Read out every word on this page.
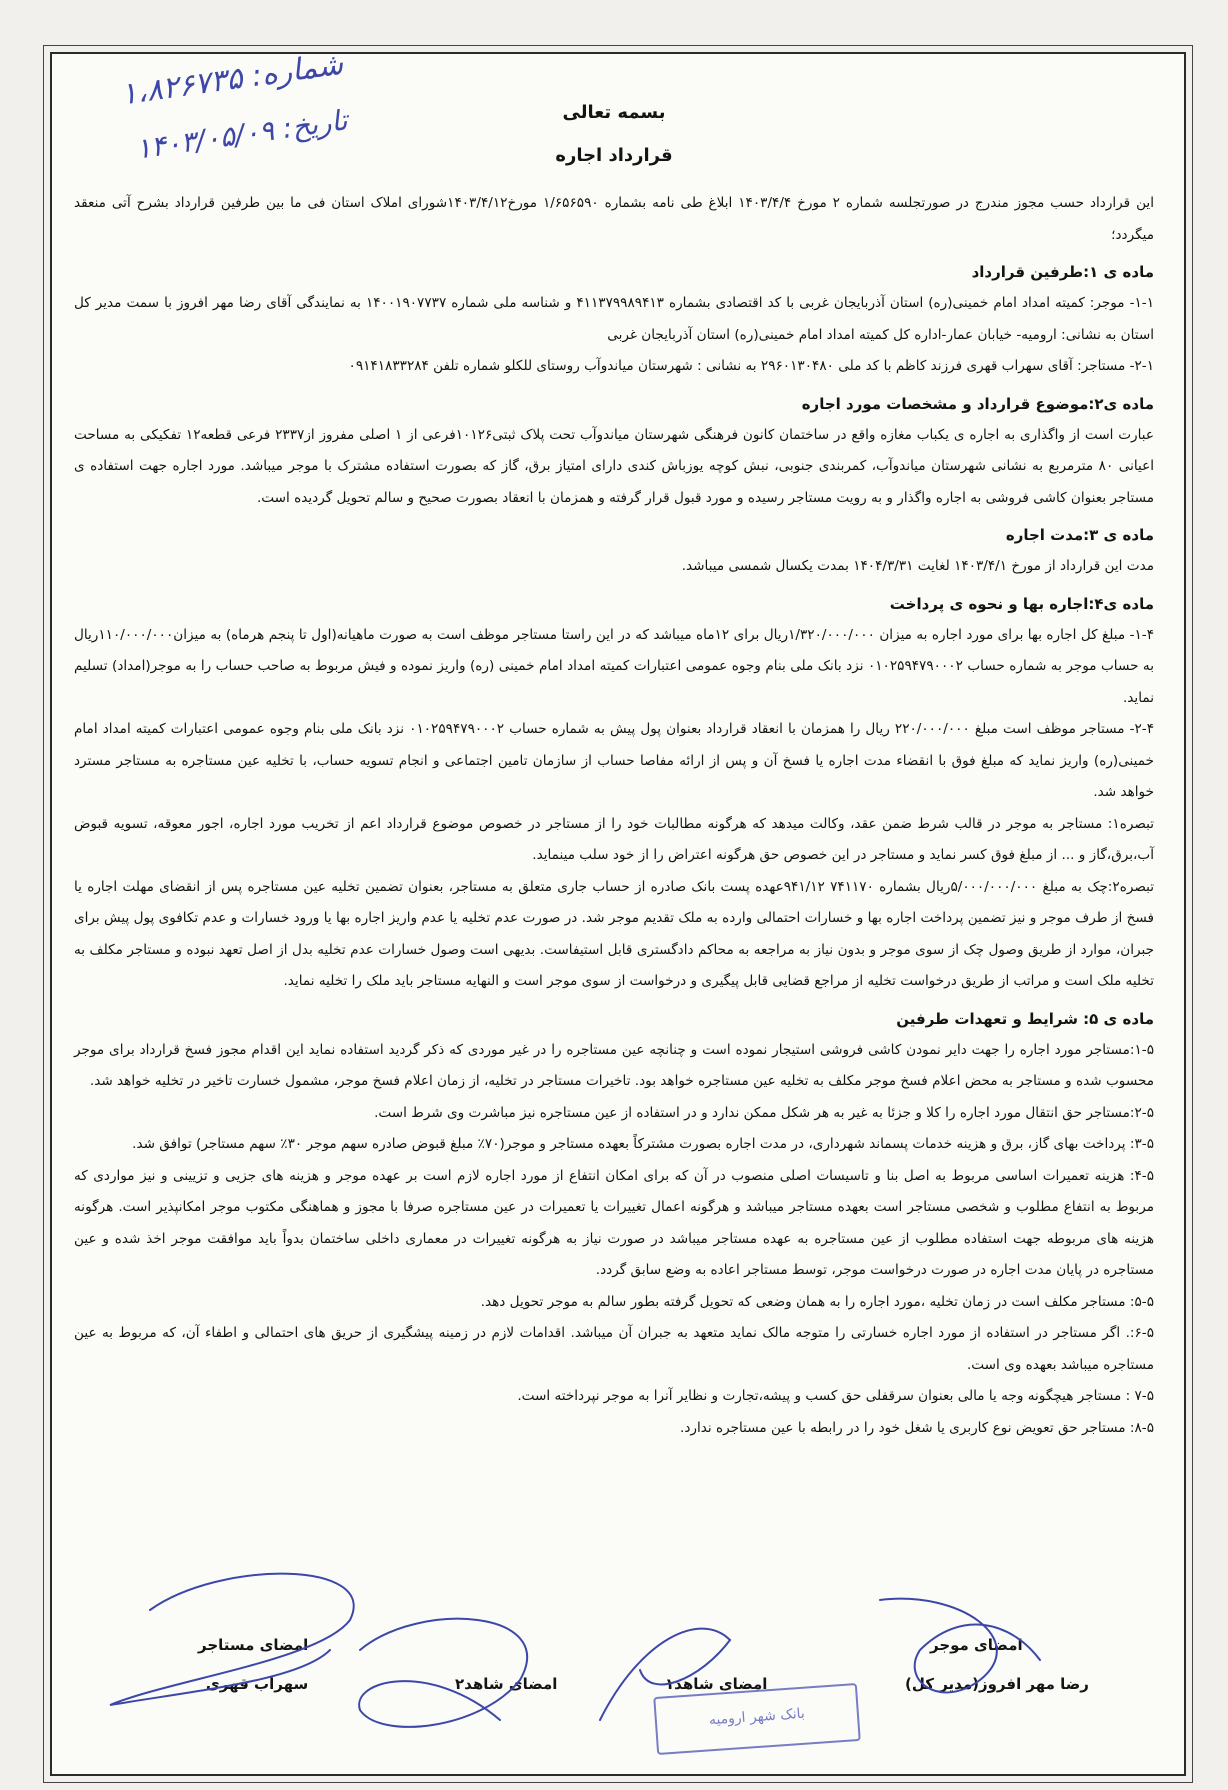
شماره: ۱،۸۲۶۷۳۵
تاریخ: ۱۴۰۳/۰۵/۰۹	بسمه تعالی
قرارداد اجاره

این قرارداد حسب مجوز مندرج در صورتجلسه شماره ۲ مورخ ۱۴۰۳/۴/۴ ابلاغ طی نامه بشماره ۱/۶۵۶۵۹۰ مورخ۱۴۰۳/۴/۱۲شورای املاک استان فی ما بین طرفین قرارداد بشرح آتی منعقد میگردد؛

ماده ی ۱:طرفین قرارداد

۱-۱- موجر: کمیته امداد امام خمینی(ره) استان آذربایجان غربی با کد اقتصادی بشماره ۴۱۱۳۷۹۹۸۹۴۱۳ و شناسه ملی شماره ۱۴۰۰۱۹۰۷۷۳۷ به نمایندگی آقای رضا مهر افروز با سمت مدیر کل استان به نشانی: ارومیه- خیابان عمار-اداره کل کمیته امداد امام خمینی(ره) استان آذربایجان غربی

۲-۱- مستاجر: آقای سهراب قهری فرزند کاظم با کد ملی ۲۹۶۰۱۳۰۴۸۰ به نشانی : شهرستان میاندوآب روستای للکلو شماره تلفن ۰۹۱۴۱۸۳۳۲۸۴

ماده ی۲:موضوع قرارداد و مشخصات مورد اجاره

عبارت است از واگذاری به اجاره ی یکباب مغازه واقع در ساختمان کانون فرهنگی شهرستان میاندوآب تحت پلاک ثبتی۱۰۱۲۶فرعی از ۱ اصلی مفروز از۲۳۳۷ فرعی قطعه۱۲ تفکیکی به مساحت اعیانی ۸۰ مترمربع به نشانی شهرستان میاندوآب، کمربندی جنوبی، نبش کوچه یوزباش کندی دارای امتیاز برق، گاز که بصورت استفاده مشترک با موجر میباشد. مورد اجاره جهت استفاده ی مستاجر بعنوان کاشی فروشی به اجاره واگذار و به رویت مستاجر رسیده و مورد قبول قرار گرفته و همزمان با انعقاد بصورت صحیح و سالم تحویل گردیده است.

ماده ی ۳:مدت اجاره

مدت این قرارداد از مورخ ۱۴۰۳/۴/۱ لغایت ۱۴۰۴/۳/۳۱ بمدت یکسال شمسی میباشد.

ماده ی۴:اجاره بها و نحوه ی پرداخت

۱-۴- مبلغ کل اجاره بها برای مورد اجاره به میزان ۱/۳۲۰/۰۰۰/۰۰۰ریال برای ۱۲ماه میباشد که در این راستا مستاجر موظف است به صورت ماهیانه(اول تا پنجم هرماه) به میزان۱۱۰/۰۰۰/۰۰۰ریال به حساب موجر به شماره حساب ۰۱۰۲۵۹۴۷۹۰۰۰۲ نزد بانک ملی بنام وجوه عمومی اعتبارات کمیته امداد امام خمینی (ره) واریز نموده و فیش مربوط به صاحب حساب را به موجر(امداد) تسلیم نماید.

۲-۴- مستاجر موظف است مبلغ ۲۲۰/۰۰۰/۰۰۰ ریال را همزمان با انعقاد قرارداد بعنوان پول پیش به شماره حساب ۰۱۰۲۵۹۴۷۹۰۰۰۲ نزد بانک ملی بنام وجوه عمومی اعتبارات کمیته امداد امام خمینی(ره) واریز نماید که مبلغ فوق با انقضاء مدت اجاره یا فسخ آن و پس از ارائه مفاصا حساب از سازمان تامین اجتماعی و انجام تسویه حساب، با تخلیه عین مستاجره به مستاجر مسترد خواهد شد.

تبصره۱: مستاجر به موجر در قالب شرط ضمن عقد، وکالت میدهد که هرگونه مطالبات خود را از مستاجر در خصوص موضوع قرارداد اعم از تخریب مورد اجاره، اجور معوقه، تسویه قبوض آب،برق،گاز و ... از مبلغ فوق کسر نماید و مستاجر در این خصوص حق هرگونه اعتراض را از خود سلب مینماید.

تبصره۲:چک به مبلغ ۵/۰۰۰/۰۰۰/۰۰۰ریال بشماره ۷۴۱۱۷۰ ۹۴۱/۱۲عهده پست بانک صادره از حساب جاری متعلق به مستاجر، بعنوان تضمین تخلیه عین مستاجره پس از انقضای مهلت اجاره یا فسخ از طرف موجر و نیز تضمین پرداخت اجاره بها و خسارات احتمالی وارده به ملک تقدیم موجر شد. در صورت عدم تخلیه یا عدم واریز اجاره بها یا ورود خسارات و عدم تکافوی پول پیش برای جبران، موارد از طریق وصول چک از سوی موجر و بدون نیاز به مراجعه به محاکم دادگستری قابل استیفاست. بدیهی است وصول خسارات عدم تخلیه بدل از اصل تعهد نبوده و مستاجر مکلف به تخلیه ملک است و مراتب از طریق درخواست تخلیه از مراجع قضایی قابل پیگیری و درخواست از سوی موجر است و النهایه مستاجر باید ملک را تخلیه نماید.

ماده ی ۵: شرایط و تعهدات طرفین

۱-۵:مستاجر مورد اجاره را جهت دایر نمودن کاشی فروشی استیجار نموده است و چنانچه عین مستاجره را در غیر موردی که ذکر گردید استفاده نماید این اقدام مجوز فسخ قرارداد برای موجر محسوب شده و مستاجر به محض اعلام فسخ موجر مکلف به تخلیه عین مستاجره خواهد بود. تاخیرات مستاجر در تخلیه، از زمان اعلام فسخ موجر، مشمول خسارت تاخیر در تخلیه خواهد شد.

۲-۵:مستاجر حق انتقال مورد اجاره را کلا و جزئا به غیر به هر شکل ممکن ندارد و در استفاده از عین مستاجره نیز مباشرت وی شرط است.

۳-۵: پرداخت بهای گاز، برق و هزینه خدمات پسماند شهرداری، در مدت اجاره بصورت مشترکاً بعهده مستاجر و موجر(۷۰٪ مبلغ قبوض صادره سهم موجر ۳۰٪ سهم مستاجر) توافق شد.

۴-۵: هزینه تعمیرات اساسی مربوط به اصل بنا و تاسیسات اصلی منصوب در آن که برای امکان انتفاع از مورد اجاره لازم است بر عهده موجر و هزینه های جزیی و تزیینی و نیز مواردی که مربوط به انتفاع مطلوب و شخصی مستاجر است بعهده مستاجر میباشد و هرگونه اعمال تغییرات یا تعمیرات در عین مستاجره صرفا با مجوز و هماهنگی مکتوب موجر امکانپذیر است. هرگونه هزینه های مربوطه جهت استفاده مطلوب از عین مستاجره به عهده مستاجر میباشد در صورت نیاز به هرگونه تغییرات در معماری داخلی ساختمان بدواً باید موافقت موجر اخذ شده و عین مستاجره در پایان مدت اجاره در صورت درخواست موجر، توسط مستاجر اعاده به وضع سابق گردد.

۵-۵: مستاجر مکلف است در زمان تخلیه ،مورد اجاره را به همان وضعی که تحویل گرفته بطور سالم به موجر تحویل دهد.

۶-۵:. اگر مستاجر در استفاده از مورد اجاره خسارتی را متوجه مالک نماید متعهد به جبران آن میباشد. اقدامات لازم در زمینه پیشگیری از حریق های احتمالی و اطفاء آن، که مربوط به عین مستاجره میباشد بعهده وی است.

۷-۵ : مستاجر هیچگونه وجه یا مالی بعنوان سرقفلی حق کسب و پیشه،تجارت و نظایر آنرا به موجر نپرداخته است.

۸-۵: مستاجر حق تعویض نوع کاربری یا شغل خود را در رابطه با عین مستاجره ندارد.

امضای مستاجر
سهراب قهری	امضای شاهد۲	امضای شاهد۱
امضای موجر
رضا مهر افروز(مدیر کل)
بانک شهر ارومیه
